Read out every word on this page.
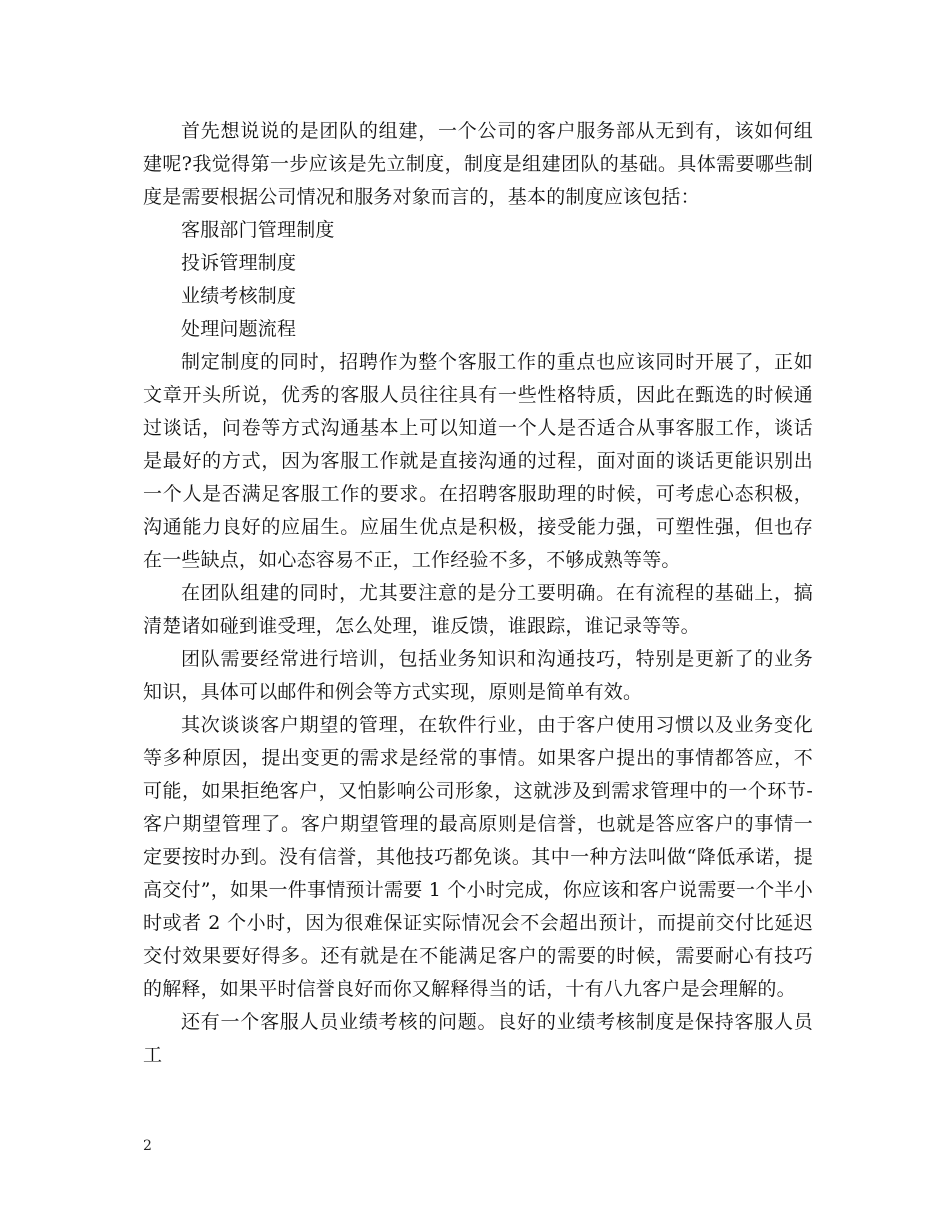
首先想说说的是团队的组建，一个公司的客户服务部从无到有，该如何组建呢?我觉得第一步应该是先立制度，制度是组建团队的基础。具体需要哪些制度是需要根据公司情况和服务对象而言的，基本的制度应该包括：

客服部门管理制度

投诉管理制度

业绩考核制度

处理问题流程

制定制度的同时，招聘作为整个客服工作的重点也应该同时开展了，正如文章开头所说，优秀的客服人员往往具有一些性格特质，因此在甄选的时候通过谈话，问卷等方式沟通基本上可以知道一个人是否适合从事客服工作，谈话是最好的方式，因为客服工作就是直接沟通的过程，面对面的谈话更能识别出一个人是否满足客服工作的要求。在招聘客服助理的时候，可考虑心态积极，沟通能力良好的应届生。应届生优点是积极，接受能力强，可塑性强，但也存在一些缺点，如心态容易不正，工作经验不多，不够成熟等等。

在团队组建的同时，尤其要注意的是分工要明确。在有流程的基础上，搞清楚诸如碰到谁受理，怎么处理，谁反馈，谁跟踪，谁记录等等。

团队需要经常进行培训，包括业务知识和沟通技巧，特别是更新了的业务知识，具体可以邮件和例会等方式实现，原则是简单有效。

其次谈谈客户期望的管理，在软件行业，由于客户使用习惯以及业务变化等多种原因，提出变更的需求是经常的事情。如果客户提出的事情都答应，不可能，如果拒绝客户，又怕影响公司形象，这就涉及到需求管理中的一个环节-客户期望管理了。客户期望管理的最高原则是信誉，也就是答应客户的事情一定要按时办到。没有信誉，其他技巧都免谈。其中一种方法叫做“降低承诺，提高交付”，如果一件事情预计需要 1 个小时完成，你应该和客户说需要一个半小时或者 2 个小时，因为很难保证实际情况会不会超出预计，而提前交付比延迟交付效果要好得多。还有就是在不能满足客户的需要的时候，需要耐心有技巧的解释，如果平时信誉良好而你又解释得当的话，十有八九客户是会理解的。

还有一个客服人员业绩考核的问题。良好的业绩考核制度是保持客服人员工

2
